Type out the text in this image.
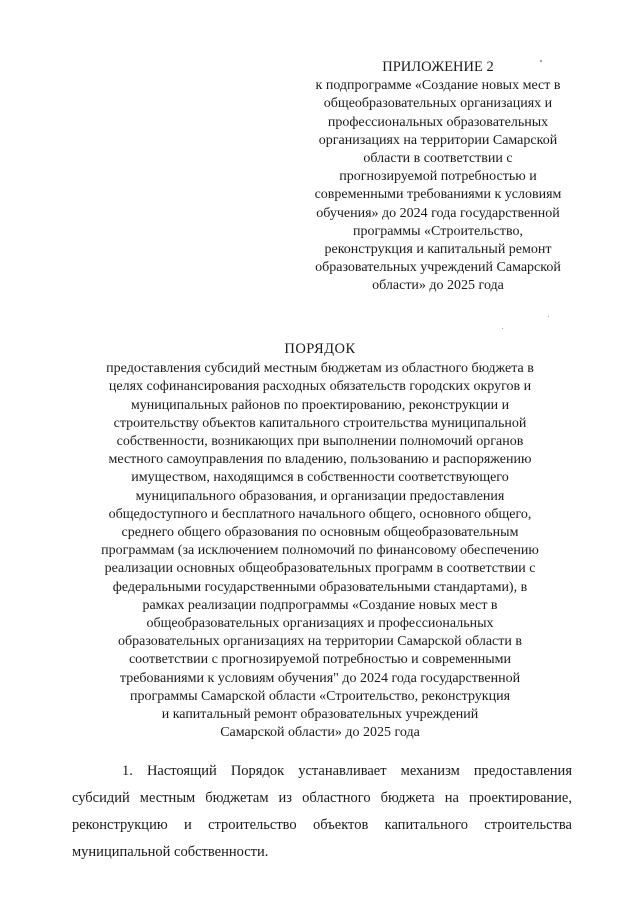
ПРИЛОЖЕНИЕ 2
к подпрограмме «Создание новых мест в
общеобразовательных организациях и
профессиональных образовательных
организациях на территории Самарской
области в соответствии с
прогнозируемой потребностью и
современными требованиями к условиям
обучения» до 2024 года государственной
программы «Строительство,
реконструкция и капитальный ремонт
образовательных учреждений Самарской
области» до 2025 года
ПОРЯДОК
предоставления субсидий местным бюджетам из областного бюджета в
целях софинансирования расходных обязательств городских округов и
муниципальных районов по проектированию, реконструкции и
строительству объектов капитального строительства муниципальной
собственности, возникающих при выполнении полномочий органов
местного самоуправления по владению, пользованию и распоряжению
имуществом, находящимся в собственности соответствующего
муниципального образования, и организации предоставления
общедоступного и бесплатного начального общего, основного общего,
среднего общего образования по основным общеобразовательным
программам (за исключением полномочий по финансовому обеспечению
реализации основных общеобразовательных программ в соответствии с
федеральными государственными образовательными стандартами), в
рамках реализации подпрограммы «Создание новых мест в
общеобразовательных организациях и профессиональных
образовательных организациях на территории Самарской области в
соответствии с прогнозируемой потребностью и современными
требованиями к условиям обучения" до 2024 года государственной
программы Самарской области «Строительство, реконструкция
и капитальный ремонт образовательных учреждений
Самарской области» до 2025 года
1. Настоящий Порядок устанавливает механизм предоставления
субсидий местным бюджетам из областного бюджета на проектирование,
реконструкцию и строительство объектов капитального строительства
муниципальной собственности.
